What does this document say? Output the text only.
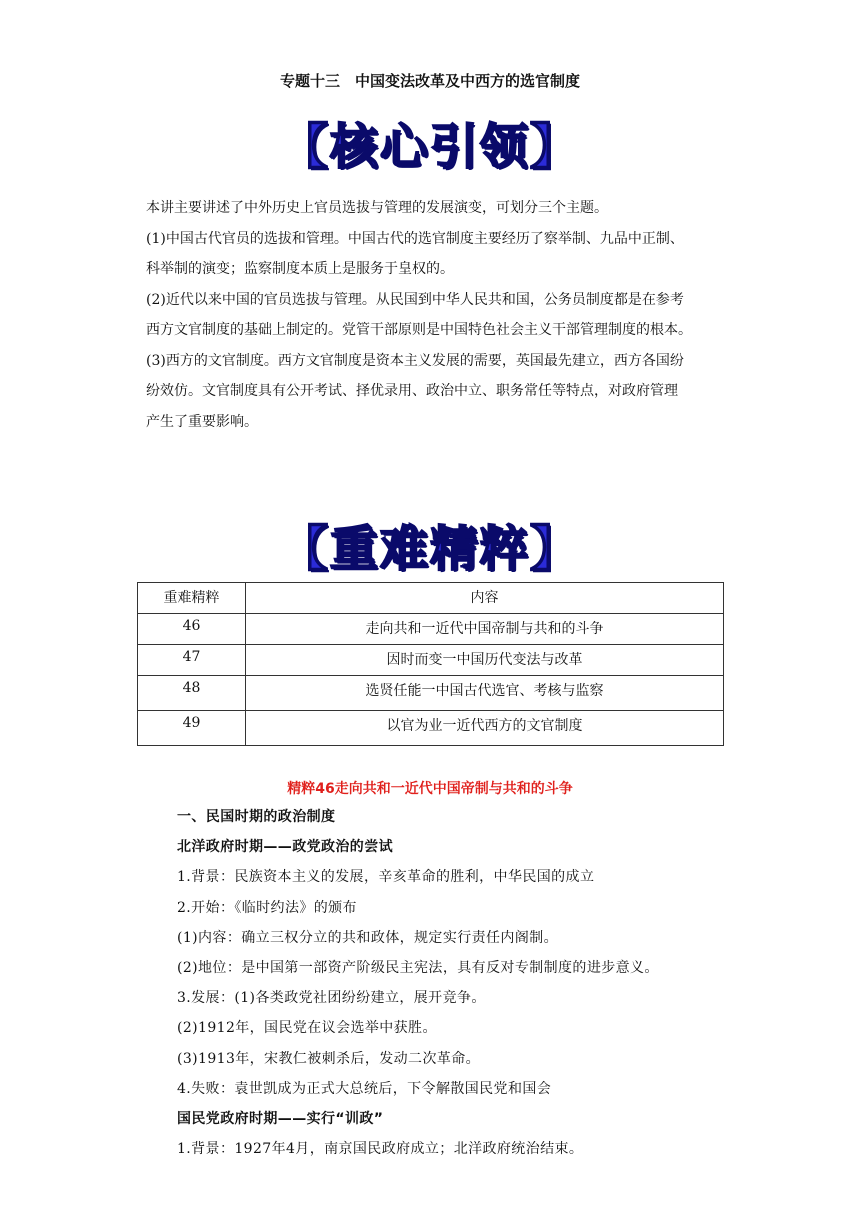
专题十三　中国变法改革及中西方的选官制度
【核心引领】

本讲主要讲述了中外历史上官员选拔与管理的发展演变，可划分三个主题。

(1)中国古代官员的选拔和管理。中国古代的选官制度主要经历了察举制、九品中正制、

科举制的演变；监察制度本质上是服务于皇权的。

(2)近代以来中国的官员选拔与管理。从民国到中华人民共和国，公务员制度都是在参考

西方文官制度的基础上制定的。党管干部原则是中国特色社会主义干部管理制度的根本。

(3)西方的文官制度。西方文官制度是资本主义发展的需要，英国最先建立，西方各国纷

纷效仿。文官制度具有公开考试、择优录用、政治中立、职务常任等特点，对政府管理

产生了重要影响。

【重难精粹】
重难精粹	内容
46	走向共和一近代中国帝制与共和的斗争
47	因时而变一中国历代变法与改革
48	选贤任能一中国古代选官、考核与监察
49	以官为业一近代西方的文官制度
精粹46走向共和一近代中国帝制与共和的斗争

一、民国时期的政治制度

北洋政府时期——政党政治的尝试

1.背景：民族资本主义的发展，辛亥革命的胜利，中华民国的成立

2.开始：《临时约法》的颁布

(1)内容：确立三权分立的共和政体，规定实行责任内阁制。

(2)地位：是中国第一部资产阶级民主宪法，具有反对专制制度的进步意义。

3.发展：(1)各类政党社团纷纷建立，展开竞争。

(2)1912年，国民党在议会选举中获胜。

(3)1913年，宋教仁被刺杀后，发动二次革命。

4.失败：袁世凯成为正式大总统后，下令解散国民党和国会

国民党政府时期——实行“训政”

1.背景：1927年4月，南京国民政府成立；北洋政府统治结束。
